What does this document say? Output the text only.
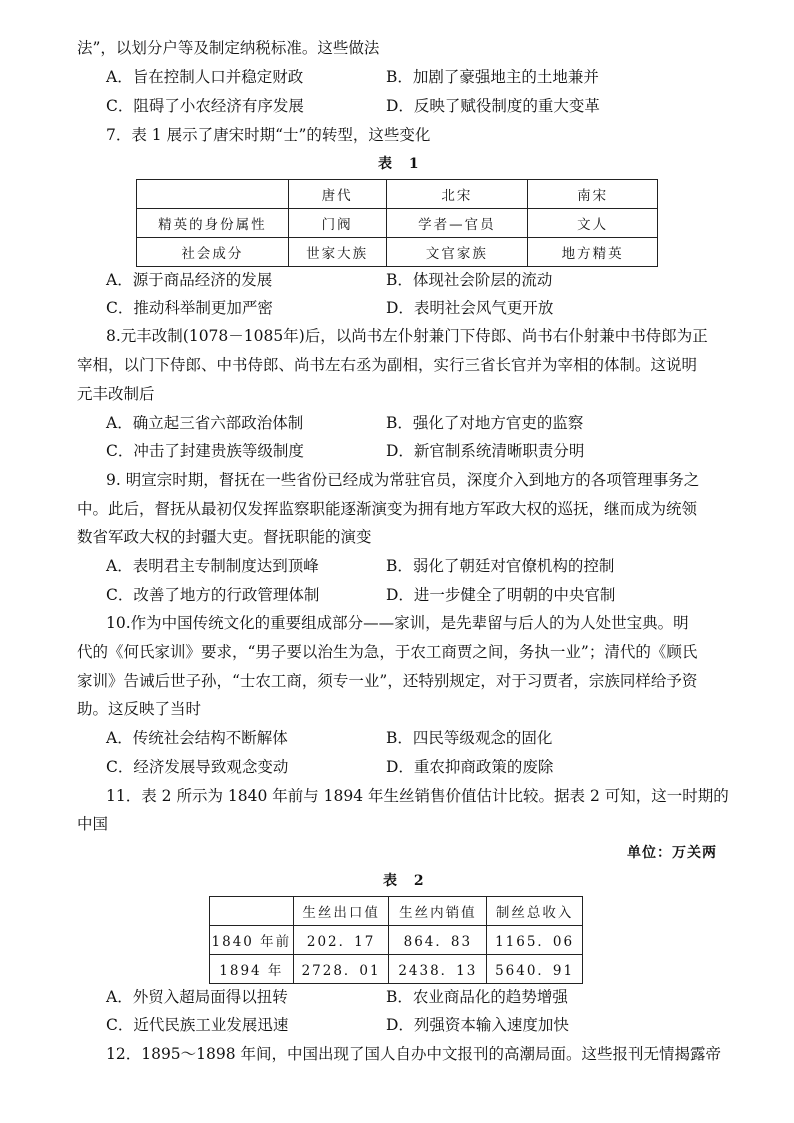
法”，以划分户等及制定纳税标准。这些做法
A．旨在控制人口并稳定财政	B．加剧了豪强地主的土地兼并
C．阻碍了小农经济有序发展	D．反映了赋役制度的重大变革
7．表 1 展示了唐宋时期“士”的转型，这些变化
表 1
	唐代	北宋	南宋
精英的身份属性	门阀	学者—官员	文人
社会成分	世家大族	文官家族	地方精英
A．源于商品经济的发展	B．体现社会阶层的流动
C．推动科举制更加严密	D．表明社会风气更开放
8.元丰改制(1078－1085年)后，以尚书左仆射兼门下侍郎、尚书右仆射兼中书侍郎为正
宰相，以门下侍郎、中书侍郎、尚书左右丞为副相，实行三省长官并为宰相的体制。这说明
元丰改制后
A．确立起三省六部政治体制	B．强化了对地方官吏的监察
C．冲击了封建贵族等级制度	D．新官制系统清晰职责分明
9. 明宣宗时期，督抚在一些省份已经成为常驻官员，深度介入到地方的各项管理事务之
中。此后，督抚从最初仅发挥监察职能逐渐演变为拥有地方军政大权的巡抚，继而成为统领
数省军政大权的封疆大吏。督抚职能的演变
A．表明君主专制制度达到顶峰	B．弱化了朝廷对官僚机构的控制
C．改善了地方的行政管理体制	D．进一步健全了明朝的中央官制
10.作为中国传统文化的重要组成部分——家训，是先辈留与后人的为人处世宝典。明
代的《何氏家训》要求，“男子要以治生为急，于农工商贾之间，务执一业”；清代的《顾氏
家训》告诫后世子孙，“士农工商，须专一业”，还特别规定，对于习贾者，宗族同样给予资
助。这反映了当时
A．传统社会结构不断解体	B．四民等级观念的固化
C．经济发展导致观念变动	D．重农抑商政策的废除
11．表 2 所示为 1840 年前与 1894 年生丝销售价值估计比较。据表 2 可知，这一时期的
中国
单位：万关两
表 2
	生丝出口值	生丝内销值	制丝总收入
1840 年前	202．17	864．83	1165．06
1894 年	2728．01	2438．13	5640．91
A．外贸入超局面得以扭转	B．农业商品化的趋势增强
C．近代民族工业发展迅速	D．列强资本输入速度加快
12．1895～1898 年间，中国出现了国人自办中文报刊的高潮局面。这些报刊无情揭露帝
